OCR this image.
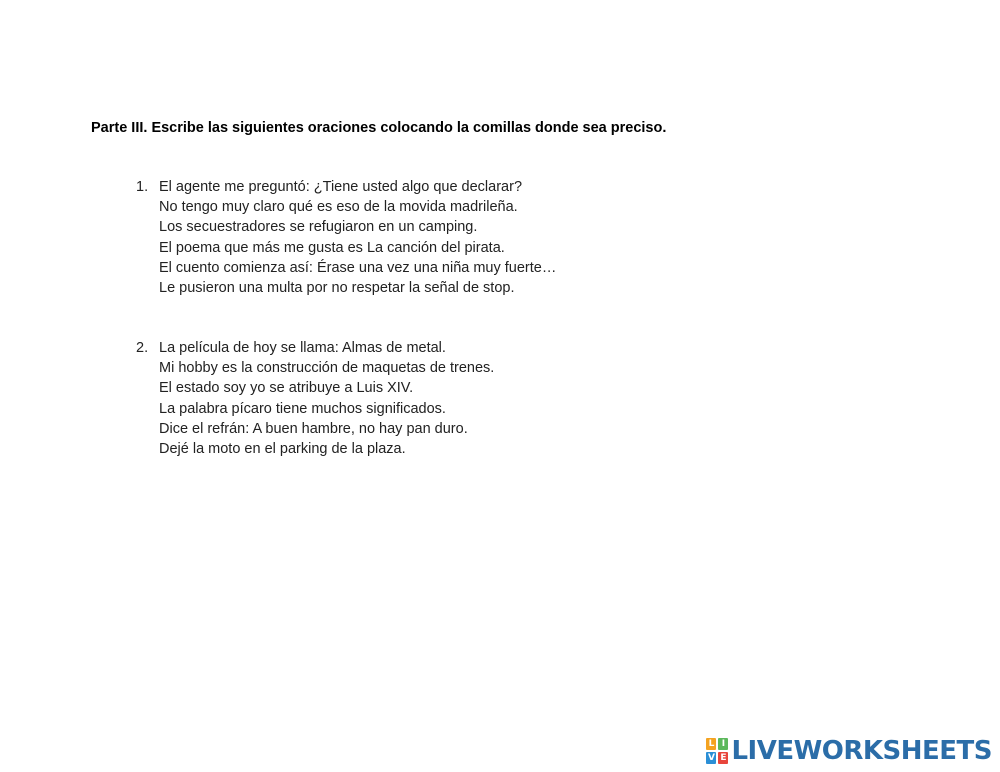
Parte III. Escribe las siguientes oraciones colocando la comillas donde sea preciso.
1. El agente me preguntó: ¿Tiene usted algo que declarar?
No tengo muy claro qué es eso de la movida madrileña.
Los secuestradores se refugiaron en un camping.
El poema que más me gusta es La canción del pirata.
El cuento comienza así: Érase una vez una niña muy fuerte…
Le pusieron una multa por no respetar la señal de stop.
2. La película de hoy se llama: Almas de metal.
Mi hobby es la construcción de maquetas de trenes.
El estado soy yo se atribuye a Luis XIV.
La palabra pícaro tiene muchos significados.
Dice el refrán: A buen hambre, no hay pan duro.
Dejé la moto en el parking de la plaza.
L I
V E LIVEWORKSHEETS
